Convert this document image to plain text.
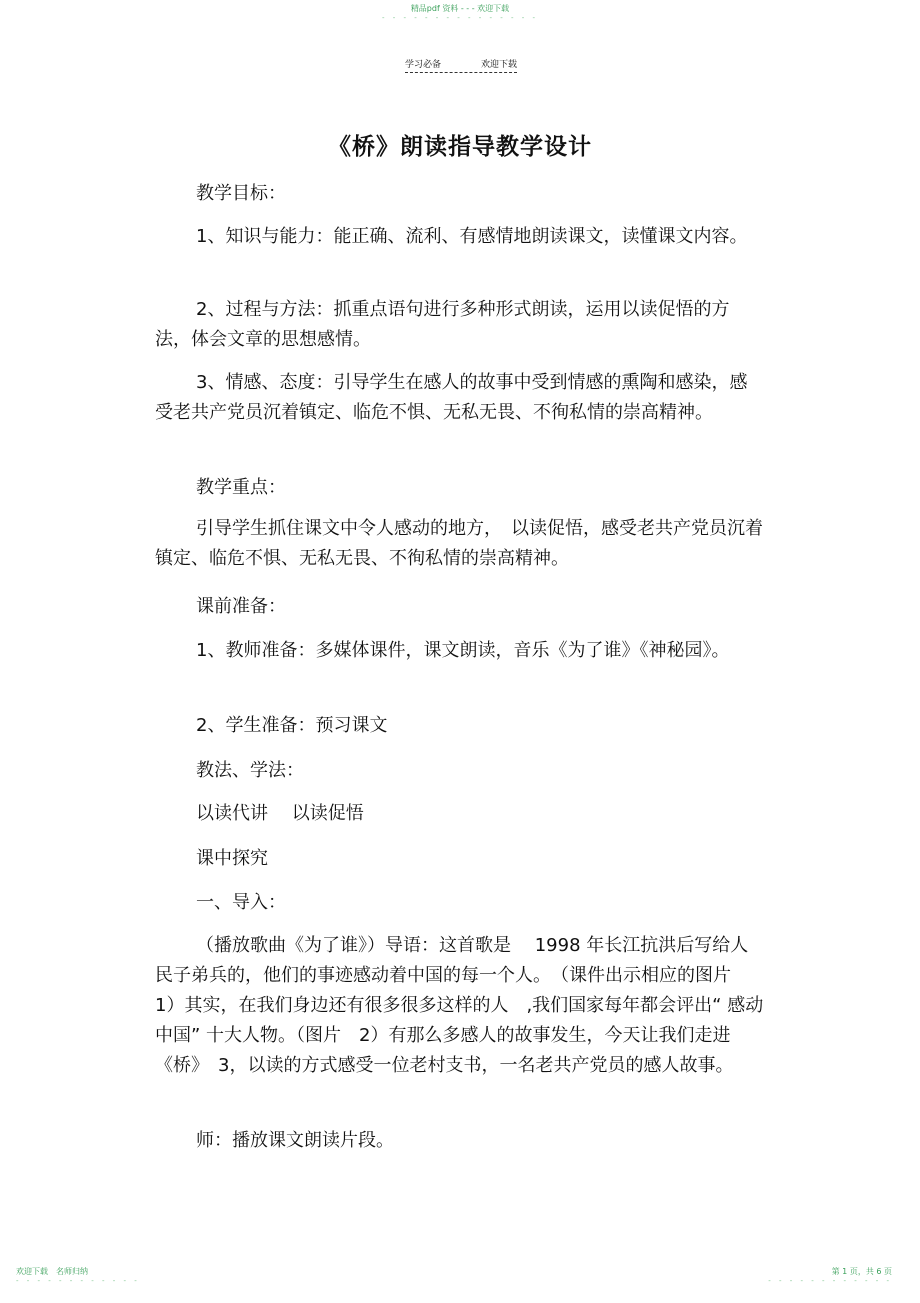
精品pdf 资料 - - - 欢迎下载
- - - - - - - - - - - - - - -
学习必备	欢迎下载
《桥》朗读指导教学设计
欢迎下载　名师归纳
- - - - - - - - - - - -
第 1 页，共 6 页
- - - - - - - - - - - -

教学目标：

1、知识与能力：能正确、流利、有感情地朗读课文，读懂课文内容。

2、过程与方法：抓重点语句进行多种形式朗读，运用以读促悟的方法，体会文章的思想感情。

3、情感、态度：引导学生在感人的故事中受到情感的熏陶和感染，感受老共产党员沉着镇定、临危不惧、无私无畏、不徇私情的崇高精神。

教学重点：

引导学生抓住课文中令人感动的地方，　以读促悟，感受老共产党员沉着镇定、临危不惧、无私无畏、不徇私情的崇高精神。

课前准备：

1、教师准备：多媒体课件，课文朗读，音乐《为了谁》《神秘园》。

2、学生准备：预习课文

教法、学法：

以读代讲　 以读促悟

课中探究

一、导入：

（播放歌曲《为了谁》）导语：这首歌是　 1998 年长江抗洪后写给人民子弟兵的，他们的事迹感动着中国的每一个人。　（课件出示相应的图片　1）其实，在我们身边还有很多很多这样的人　,我们国家每年都会评出“ 感动中国” 十大人物。（图片　2）有那么多感人的故事发生，今天让我们走进《桥》　3，以读的方式感受一位老村支书，一名老共产党员的感人故事。

师：播放课文朗读片段。
